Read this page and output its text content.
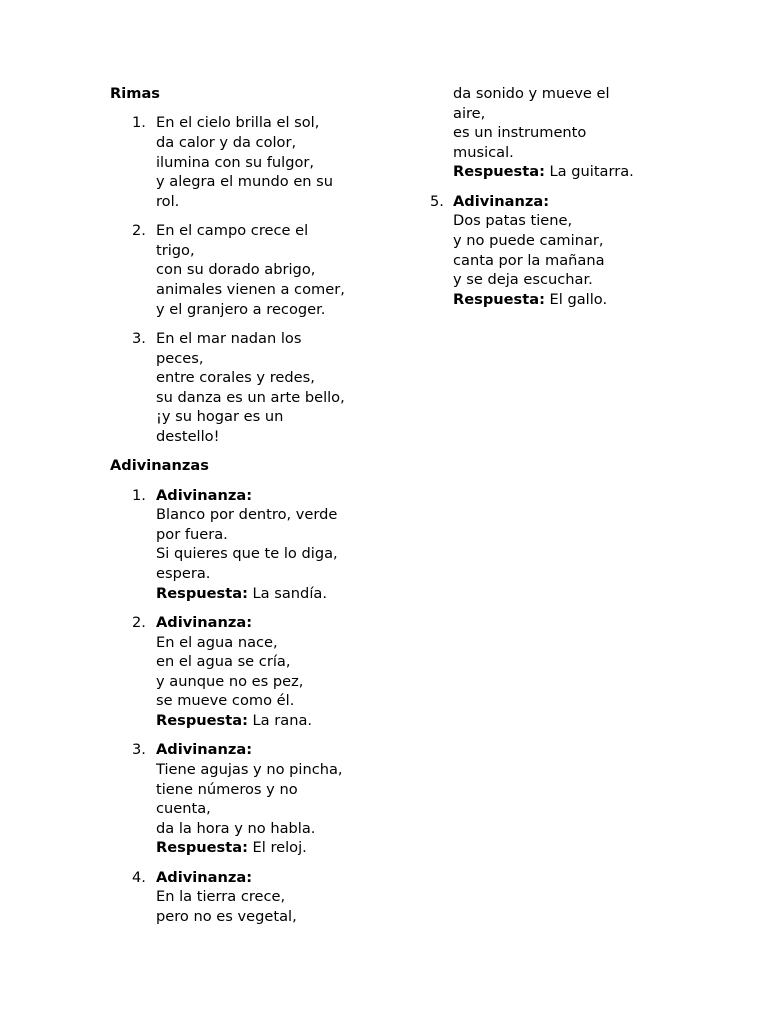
Rimas
1. En el cielo brilla el sol,
da calor y da color,
ilumina con su fulgor,
y alegra el mundo en su
rol.
2. En el campo crece el
trigo,
con su dorado abrigo,
animales vienen a comer,
y el granjero a recoger.
3. En el mar nadan los
peces,
entre corales y redes,
su danza es un arte bello,
¡y su hogar es un
destello!
Adivinanzas
1. Adivinanza:
Blanco por dentro, verde
por fuera.
Si quieres que te lo diga,
espera.
Respuesta: La sandía.
2. Adivinanza:
En el agua nace,
en el agua se cría,
y aunque no es pez,
se mueve como él.
Respuesta: La rana.
3. Adivinanza:
Tiene agujas y no pincha,
tiene números y no
cuenta,
da la hora y no habla.
Respuesta: El reloj.
4. Adivinanza:
En la tierra crece,
pero no es vegetal,
da sonido y mueve el
aire,
es un instrumento
musical.
Respuesta: La guitarra.
5. Adivinanza:
Dos patas tiene,
y no puede caminar,
canta por la mañana
y se deja escuchar.
Respuesta: El gallo.
